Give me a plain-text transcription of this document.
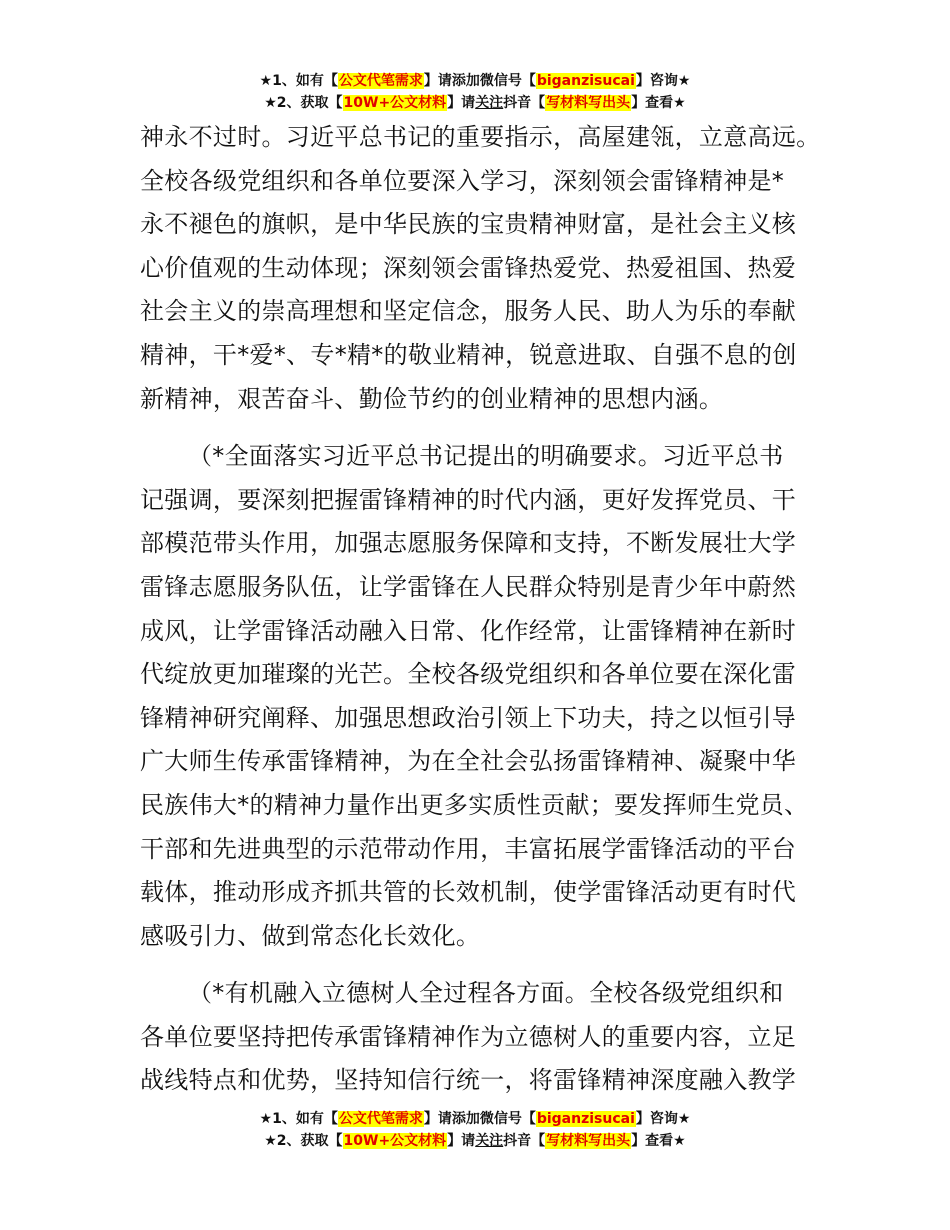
★1、如有【公文代笔需求】请添加微信号【biganzisucai】咨询★
★2、获取【10W+公文材料】请关注抖音【写材料写出头】查看★

神永不过时。习近平总书记的重要指示，高屋建瓴，立意高远。
全校各级党组织和各单位要深入学习，深刻领会雷锋精神是*
永不褪色的旗帜，是中华民族的宝贵精神财富，是社会主义核
心价值观的生动体现；深刻领会雷锋热爱党、热爱祖国、热爱
社会主义的崇高理想和坚定信念，服务人民、助人为乐的奉献
精神，干*爱*、专*精*的敬业精神，锐意进取、自强不息的创
新精神，艰苦奋斗、勤俭节约的创业精神的思想内涵。

（*全面落实习近平总书记提出的明确要求。习近平总书
记强调，要深刻把握雷锋精神的时代内涵，更好发挥党员、干
部模范带头作用，加强志愿服务保障和支持，不断发展壮大学
雷锋志愿服务队伍，让学雷锋在人民群众特别是青少年中蔚然
成风，让学雷锋活动融入日常、化作经常，让雷锋精神在新时
代绽放更加璀璨的光芒。全校各级党组织和各单位要在深化雷
锋精神研究阐释、加强思想政治引领上下功夫，持之以恒引导
广大师生传承雷锋精神，为在全社会弘扬雷锋精神、凝聚中华
民族伟大*的精神力量作出更多实质性贡献；要发挥师生党员、
干部和先进典型的示范带动作用，丰富拓展学雷锋活动的平台
载体，推动形成齐抓共管的长效机制，使学雷锋活动更有时代
感吸引力、做到常态化长效化。

（*有机融入立德树人全过程各方面。全校各级党组织和
各单位要坚持把传承雷锋精神作为立德树人的重要内容，立足
战线特点和优势，坚持知信行统一，将雷锋精神深度融入教学

★1、如有【公文代笔需求】请添加微信号【biganzisucai】咨询★
★2、获取【10W+公文材料】请关注抖音【写材料写出头】查看★
